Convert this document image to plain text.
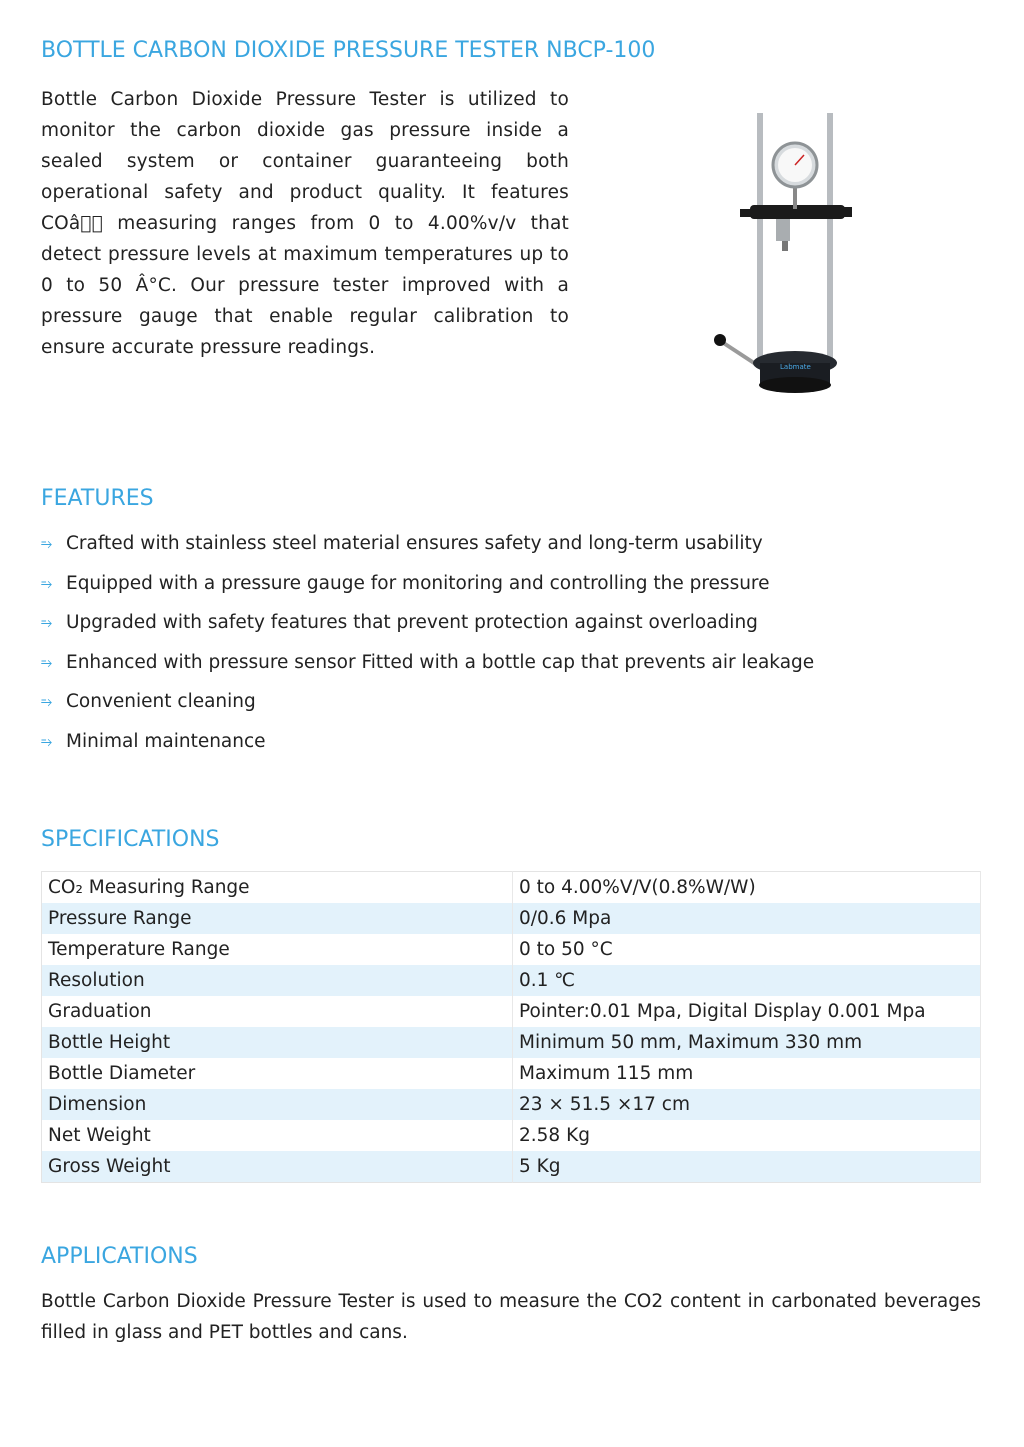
BOTTLE CARBON DIOXIDE PRESSURE TESTER NBCP-100

Bottle Carbon Dioxide Pressure Tester is utilized to monitor the carbon dioxide gas pressure inside a sealed system or container guaranteeing both operational safety and product quality. It features COâ   measuring ranges from 0 to 4.00%v/v that detect pressure levels at maximum temperatures up to 0 to 50 Â°C. Our pressure tester improved with a pressure gauge that enable regular calibration to ensure accurate pressure readings.

Labmate
FEATURES
⥱ Crafted with stainless steel material ensures safety and long-term usability
⥱ Equipped with a pressure gauge for monitoring and controlling the pressure
⥱ Upgraded with safety features that prevent protection against overloading
⥱ Enhanced with pressure sensor Fitted with a bottle cap that prevents air leakage
⥱ Convenient cleaning
⥱ Minimal maintenance
SPECIFICATIONS
CO₂ Measuring Range	0 to 4.00%V/V(0.8%W/W)
Pressure Range	0/0.6 Mpa
Temperature Range	0 to 50 °C
Resolution	0.1 ℃
Graduation	Pointer:0.01 Mpa, Digital Display 0.001 Mpa
Bottle Height	Minimum 50 mm, Maximum 330 mm
Bottle Diameter	Maximum 115 mm
Dimension	23 × 51.5 ×17 cm
Net Weight	2.58 Kg
Gross Weight	5 Kg
APPLICATIONS

Bottle Carbon Dioxide Pressure Tester is used to measure the CO2 content in carbonated beverages filled in glass and PET bottles and cans.
